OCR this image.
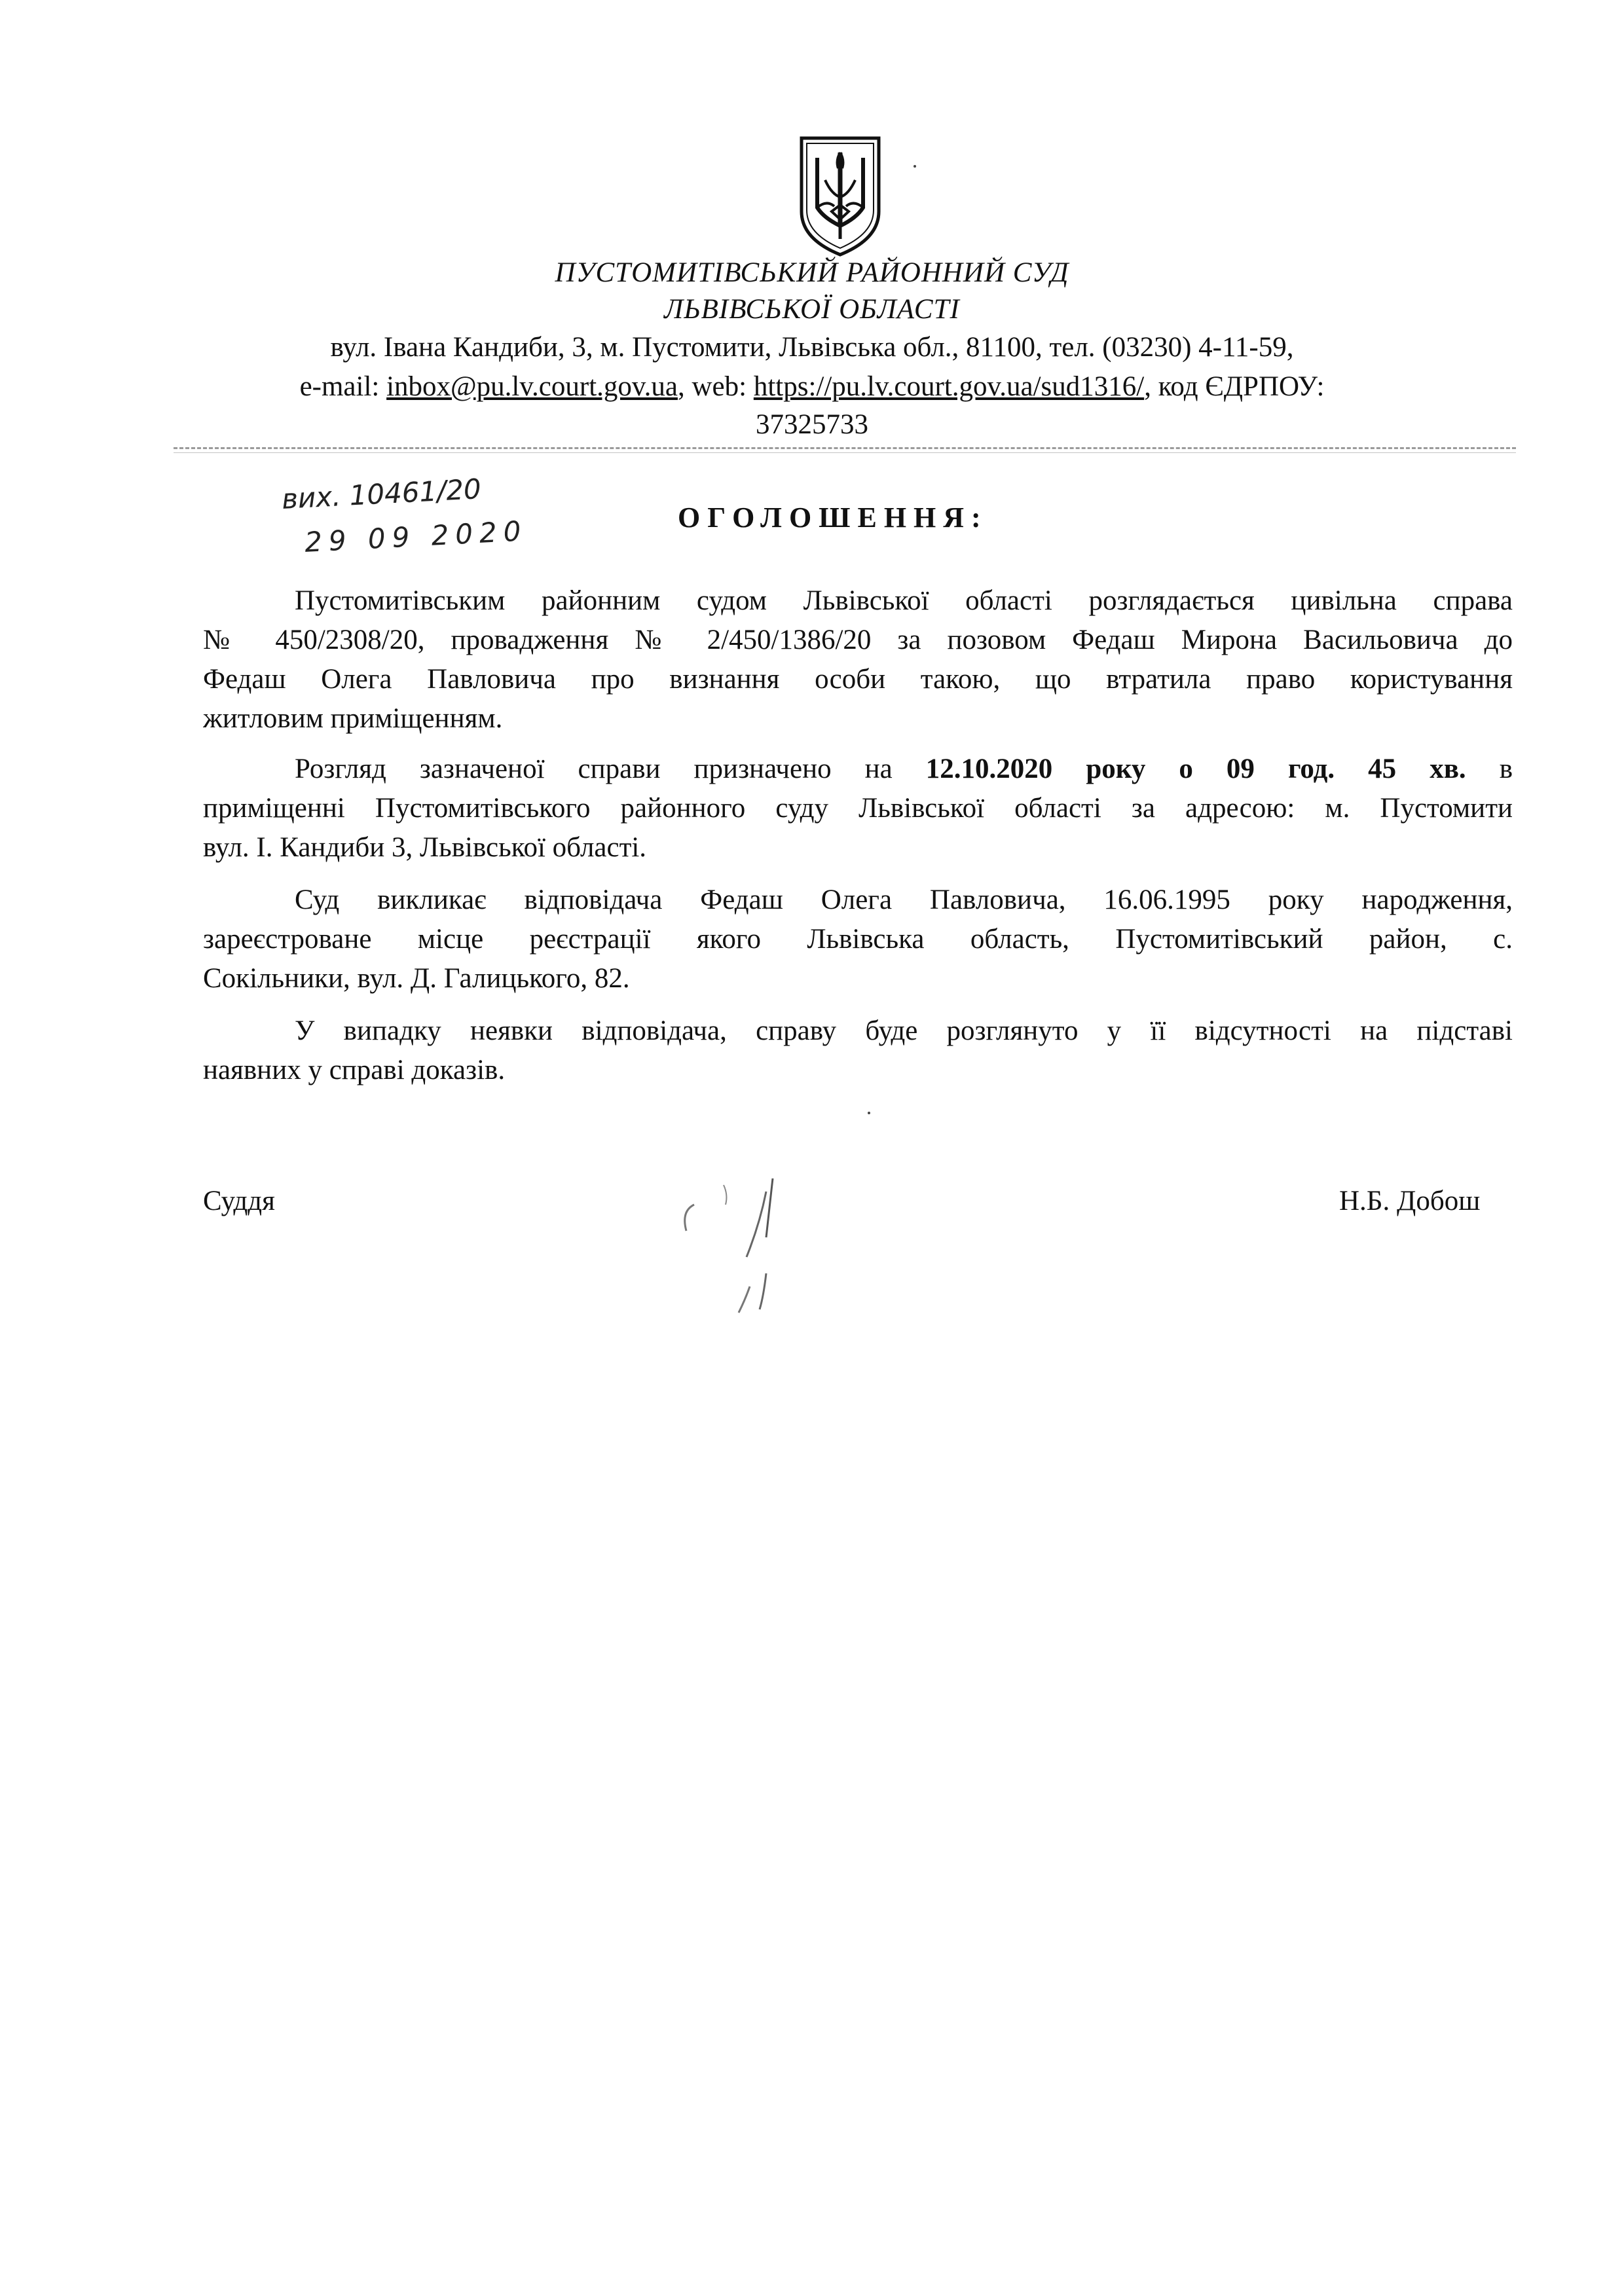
ПУСТОМИТІВСЬКИЙ РАЙОННИЙ СУД
ЛЬВІВСЬКОЇ ОБЛАСТІ
вул. Івана Кандиби, 3, м. Пустомити, Львівська обл., 81100, тел. (03230) 4-11-59,
e-mail: inbox@pu.lv.court.gov.ua, web: https://pu.lv.court.gov.ua/sud1316/, код ЄДРПОУ:
37325733
вих. 10461/20
29 09 2020	ОГОЛОШЕННЯ:
Пустомитівським районним судом Львівської області розглядається цивільна справа
№ 450/2308/20, провадження № 2/450/1386/20 за позовом Федаш Мирона Васильовича до
Федаш Олега Павловича про визнання особи такою, що втратила право користування
житловим приміщенням.
Розгляд зазначеної справи призначено на 12.10.2020 року о 09 год. 45 хв. в
приміщенні Пустомитівського районного суду Львівської області за адресою: м. Пустомити
вул. І. Кандиби 3, Львівської області.
Суд викликає відповідача Федаш Олега Павловича, 16.06.1995 року народження,
зареєстроване місце реєстрації якого Львівська область, Пустомитівський район, с.
Сокільники, вул. Д. Галицького, 82.
У випадку неявки відповідача, справу буде розглянуто у її відсутності на підставі
наявних у справі доказів.
Суддя	Н.Б. Добош
